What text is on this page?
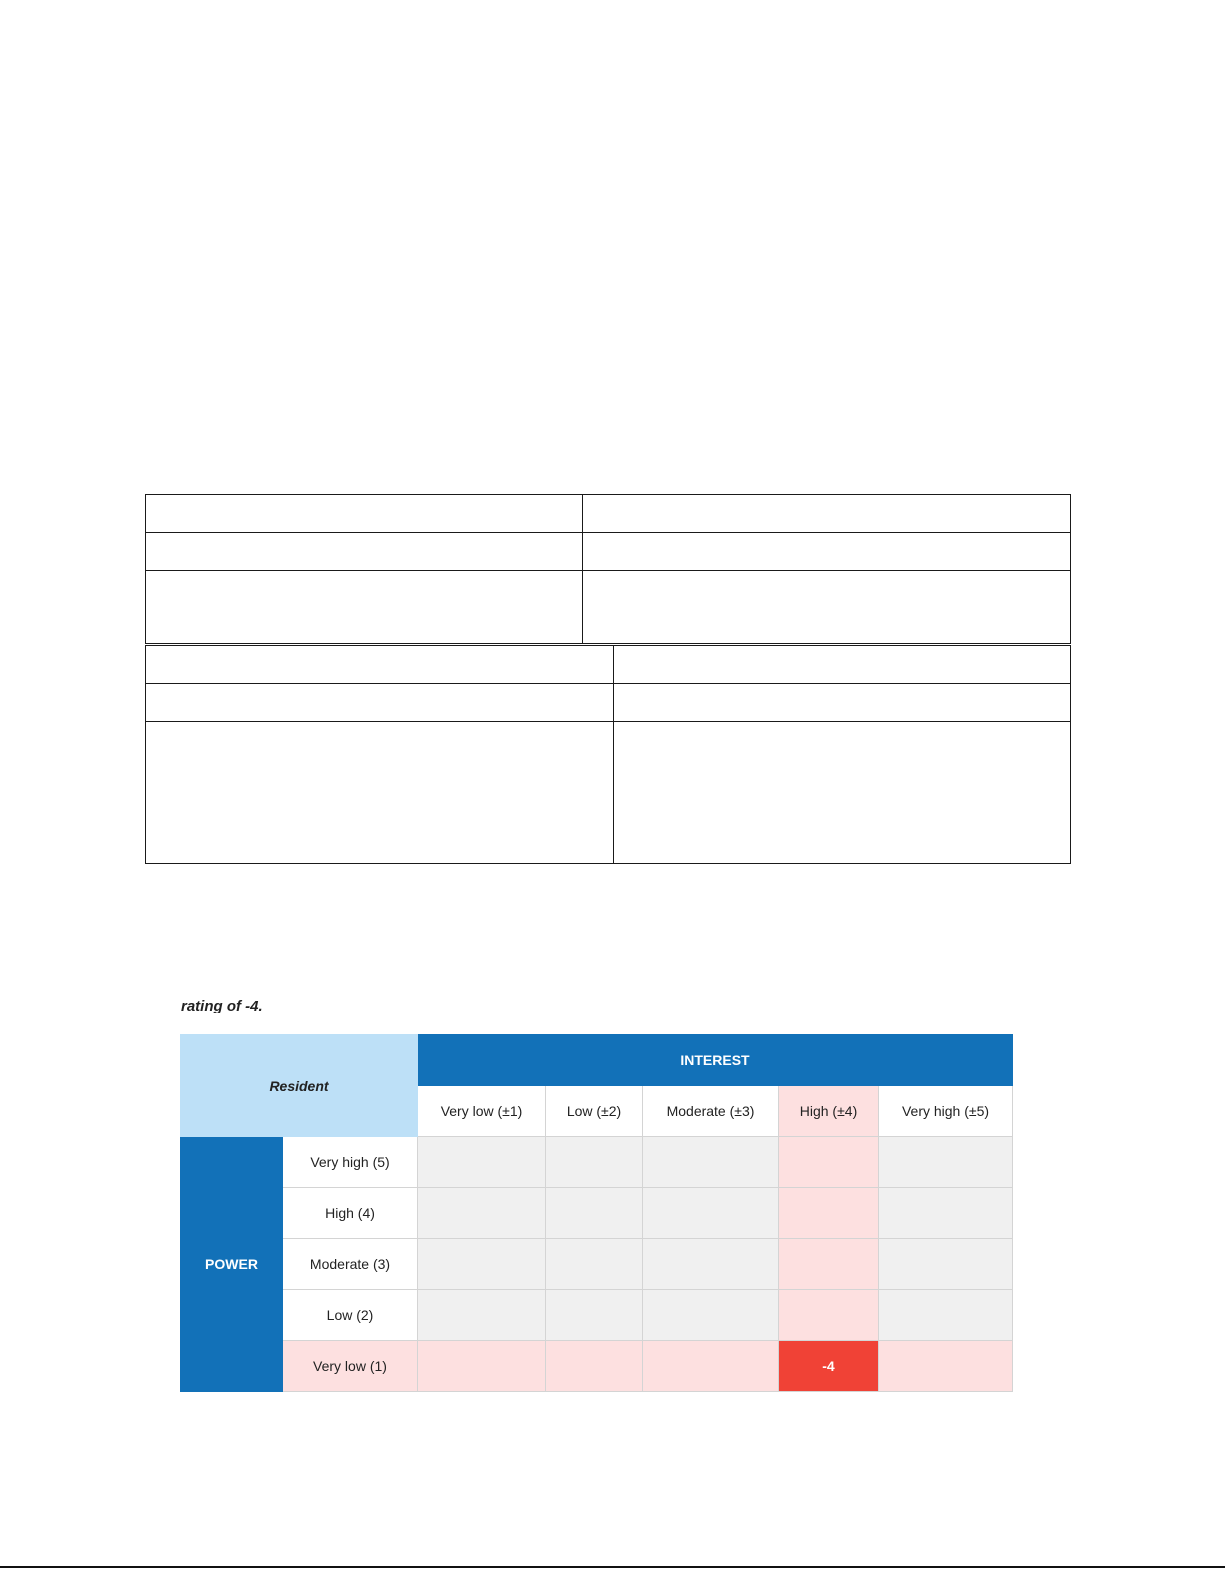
rating of -4.
Resident		INTEREST				
		Very low (±1)	Low (±2)	Moderate (±3)	High (±4)	Very high (±5)
POWER	Very high (5)					
	High (4)					
	Moderate (3)					
	Low (2)					
	Very low (1)				-4	
